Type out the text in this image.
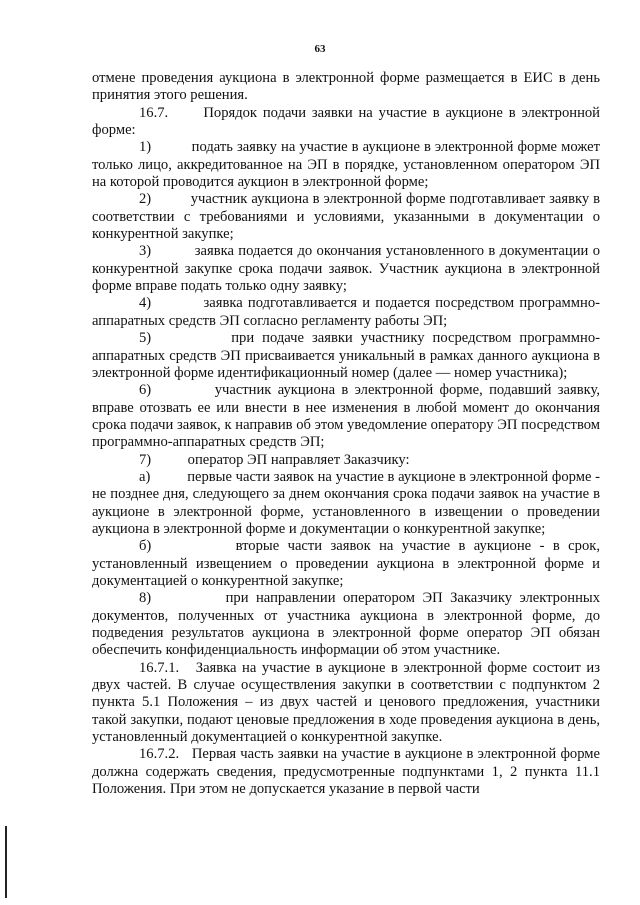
63

отмене проведения аукциона в электронной форме размещается в ЕИС в день принятия этого решения.

16.7.      Порядок подачи заявки на участие в аукционе в электронной форме:

1)          подать заявку на участие в аукционе в электронной форме может только лицо, аккредитованное на ЭП в порядке, установленном оператором ЭП на которой проводится аукцион в электронной форме;

2)          участник аукциона в электронной форме подготавливает заявку в соответствии с требованиями и условиями, указанными в документации о конкурентной закупке;

3)          заявка подается до окончания установленного в документации о конкурентной закупке срока подачи заявок. Участник аукциона в электронной форме вправе подать только одну заявку;

4)          заявка подготавливается и подается посредством программно-аппаратных средств ЭП согласно регламенту работы ЭП;

5)          при подаче заявки участнику посредством программно-аппаратных средств ЭП присваивается уникальный в рамках данного аукциона в электронной форме идентификационный номер (далее — номер участника);

6)          участник аукциона в электронной форме, подавший заявку, вправе отозвать ее или внести в нее изменения в любой момент до окончания срока подачи заявок, к направив об этом уведомление оператору ЭП посредством программно-аппаратных средств ЭП;

7)          оператор ЭП направляет Заказчику:

а)          первые части заявок на участие в аукционе в электронной форме - не позднее дня, следующего за днем окончания срока подачи заявок на участие в аукционе в электронной форме, установленного в извещении о проведении аукциона в электронной форме и документации о конкурентной закупке;

б)          вторые части заявок на участие в аукционе - в срок, установленный извещением о проведении аукциона в электронной форме и документацией о конкурентной закупке;

8)          при направлении оператором ЭП Заказчику электронных документов, полученных от участника аукциона в электронной форме, до подведения результатов аукциона в электронной форме оператор ЭП обязан обеспечить конфиденциальность информации об этом участнике.

16.7.1.   Заявка на участие в аукционе в электронной форме состоит из двух частей. В случае осуществления закупки в соответствии с подпунктом 2 пункта 5.1 Положения – из двух частей и ценового предложения, участники такой закупки, подают ценовые предложения в ходе проведения аукциона в день, установленный документацией о конкурентной закупке.

16.7.2.   Первая часть заявки на участие в аукционе в электронной форме должна содержать сведения, предусмотренные подпунктами 1, 2 пункта 11.1 Положения. При этом не допускается указание в первой части
